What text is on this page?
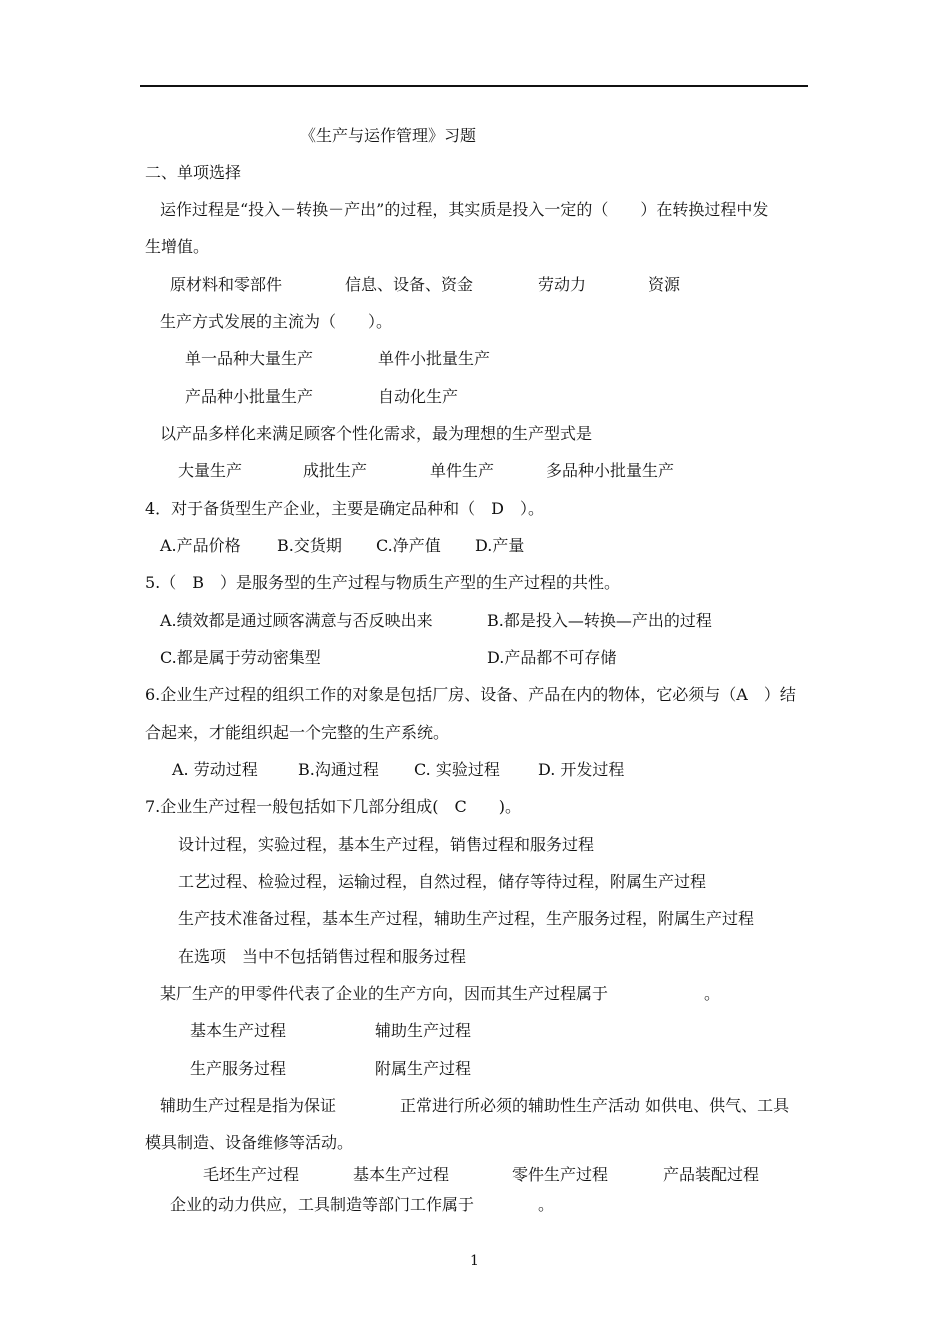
《生产与运作管理》习题
二、单项选择
运作过程是“投入－转换－产出”的过程，其实质是投入一定的（　　）在转换过程中发
生增值。
原材料和零部件	信息、设备、资金	劳动力	资源
生产方式发展的主流为（　　）。
单一品种大量生产	单件小批量生产
产品种小批量生产	自动化生产
以产品多样化来满足顾客个性化需求，最为理想的生产型式是
大量生产	成批生产	单件生产	多品种小批量生产
4．对于备货型生产企业，主要是确定品种和（　D　）。
A.产品价格 B.交货期 C.净产值 D.产量
5.（　B　）是服务型的生产过程与物质生产型的生产过程的共性。
A.绩效都是通过顾客满意与否反映出来	B.都是投入—转换—产出的过程
C.都是属于劳动密集型	D.产品都不可存储
6.企业生产过程的组织工作的对象是包括厂房、设备、产品在内的物体，它必须与（A　）结
合起来，才能组织起一个完整的生产系统。
A. 劳动过程	B.沟通过程 C. 实验过程 D. 开发过程
7.企业生产过程一般包括如下几部分组成(　C　　)。
设计过程，实验过程，基本生产过程，销售过程和服务过程
工艺过程、检验过程，运输过程，自然过程，储存等待过程，附属生产过程
生产技术准备过程，基本生产过程，辅助生产过程，生产服务过程，附属生产过程
在选项　当中不包括销售过程和服务过程
某厂生产的甲零件代表了企业的生产方向，因而其生产过程属于　　　　　　。
基本生产过程	辅助生产过程
生产服务过程	附属生产过程
辅助生产过程是指为保证　　　　正常进行所必须的辅助性生产活动 如供电、供气、工具
模具制造、设备维修等活动。
毛坯生产过程	基本生产过程	零件生产过程	产品装配过程
企业的动力供应，工具制造等部门工作属于　　　　。
1
